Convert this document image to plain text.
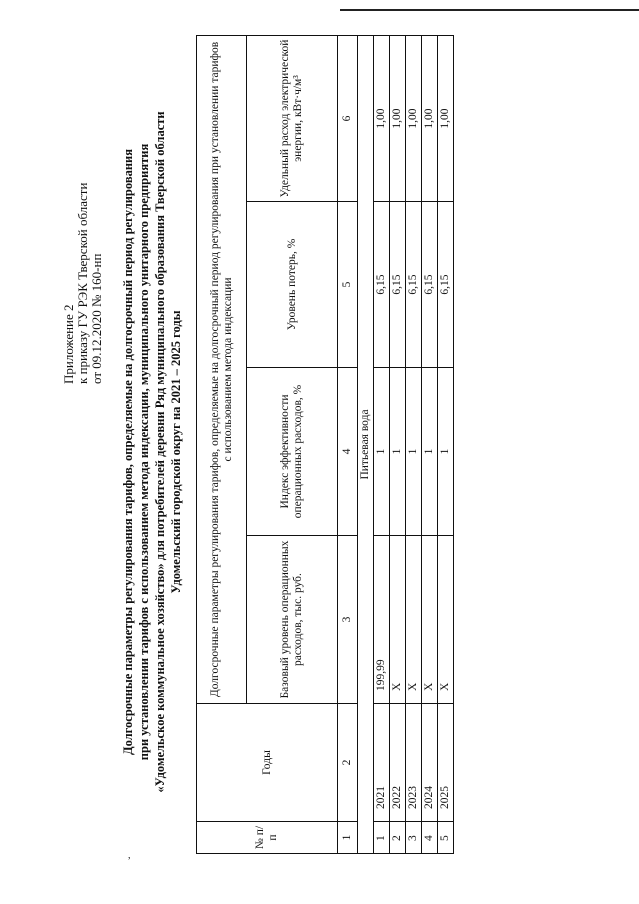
,
Приложение 2 к приказу ГУ РЭК Тверской области от 09.12.2020 № 160-нп Долгосрочные параметры регулирования тарифов, определяемые на долгосрочный период регулирования при установлении тарифов с использованием метода индексации, муниципального унитарного предприятия «Удомельское коммунальное хозяйство» для потребителей деревни Ряд муниципального образования Тверской области Удомельский городской округ на 2021 – 2025 годы
№ п/п	Годы	Долгосрочные параметры регулирования тарифов, определяемые на долгосрочный период регулирования при установлении тарифов с использованием метода индексации			
		Базовый уровень операционных расходов, тыс. руб.	Индекс эффективности операционных расходов, %	Уровень потерь, %	Удельный расход электрической энергии, кВт·ч/м³
1	2	3	4	5	6
Питьевая вода					
1	2021	199,99	1	6,15	1,00
2	2022	Х	1	6,15	1,00
3	2023	Х	1	6,15	1,00
4	2024	Х	1	6,15	1,00
5	2025	Х	1	6,15	1,00
